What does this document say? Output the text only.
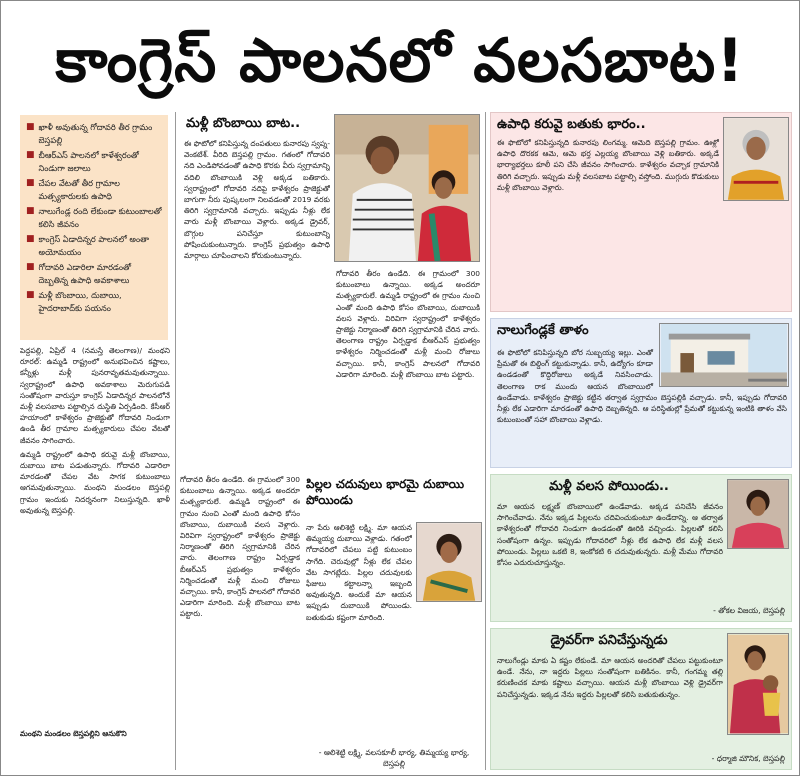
కాంగ్రెస్ పాలనలో వలసబాట!
■ ఖాళీ అవుతున్న గోదావరి తీర గ్రామం బెస్తపల్లి
■ బీఆర్ఎస్ పాలనలో కాళేశ్వరంతో నిండుగా జలాలు
■ చేపల వేటతో తీర గ్రామాల మత్స్యకారులకు ఉపాధి
■ నాలుగేండ్ల రంది లేకుండా కుటుంబాలతో కలిసి జీవనం
■ కాంగ్రెస్ ఏడాదిన్నర పాలనలో అంతా అయోమయం
■ గోదావరి ఎడారిలా మారడంతో దెబ్బతిన్న ఉపాధి అవకాశాలు
■ మళ్లీ బొంబాయి, దుబాయి, హైదరాబాద్‌కు పయనం

పెద్దపల్లి, ఏప్రిల్ 4 (నమస్తే తెలంగాణ)/ మంథని రూరల్: ఉమ్మడి రాష్ట్రంలో అనుభవించిన కష్టాలు, కన్నీళ్లు మళ్లీ పునరావృతమవుతున్నాయి. స్వరాష్ట్రంలో ఉపాధి అవకాశాలు మెరుగుపడి సంతోషంగా వారుస్తూ కాంగ్రెస్ ఏడాదిన్నర పాలనలోనే మళ్లీ వలసబాట పట్టాల్సిన దుస్థితి ఏర్పడింది. కేసీఆర్ హయాంలో కాళేశ్వరం ప్రాజెక్టుతో గోదావరి నిండుగా ఉండి తీర గ్రామాల మత్స్యకారులు చేపల వేటతో జీవనం సాగించారు.

ఉమ్మడి రాష్ట్రంలో ఉపాధి కరువై మళ్లీ బొంబాయి, దుబాయి బాట పడుతున్నారు. గోదావరి ఎడారిలా మారడంతో చేపల వేట సాగక కుటుంబాలు ఆగమవుతున్నాయి. మంథని మండలం బెస్తపల్లి గ్రామం ఇందుకు నిదర్శనంగా నిలుస్తున్నది. ఖాళీ అవుతున్న బెస్తపల్లి.

మంథని మండలం బెస్తపల్లిని ఆనుకొని
మళ్లీ బొంబాయి బాట..
ఈ ఫొటోలో కనిపిస్తున్న దంపతులు కునారపు స్వప్న-వెంకటేశ్. వీరిది బెస్తపల్లి గ్రామం. గతంలో గోదావరి నది ఎండిపోవడంతో ఉపాధి కొరకు వీరు స్వగ్రామాన్ని వదిలి బొంబాయికి వెళ్లి అక్కడ బతికారు. స్వరాష్ట్రంలో గోదావరి నదిపై కాళేశ్వరం ప్రాజెక్టుతో బాగుగా నీరు పుష్కలంగా నిలవడంతో 2019 వరకు తిరిగి స్వగ్రామానికి వచ్చారు. ఇప్పుడు నీళ్లు లేక వారు మళ్లీ బొంబాయి వెళ్లారు. అక్కడ డ్రైవర్, బొగ్గుల పనిచేస్తూ కుటుంబాన్ని పోషించుకుంటున్నారు. కాంగ్రెస్ ప్రభుత్వం ఉపాధి మార్గాలు చూపించాలని కోరుకుంటున్నారు.
గోదావరి తీరం ఉండేది. ఈ గ్రామంలో 300 కుటుంబాలు ఉన్నాయి. అక్కడ అందరూ మత్స్యకారులే. ఉమ్మడి రాష్ట్రంలో ఈ గ్రామం నుంచి ఎంతో మంది ఉపాధి కోసం బొంబాయి, దుబాయికి వలస వెళ్లారు. విరివిగా స్వరాష్ట్రంలో కాళేశ్వరం ప్రాజెక్టు నిర్మాణంతో తిరిగి స్వగ్రామానికి చేరిన వారు. తెలంగాణ రాష్ట్రం ఏర్పడ్డాక బీఆర్ఎస్ ప్రభుత్వం కాళేశ్వరం నిర్మించడంతో మళ్లీ మంచి రోజులు వచ్చాయి. కానీ, కాంగ్రెస్ పాలనలో గోదావరి ఎడారిగా మారింది. మళ్లీ బొంబాయి బాట పట్టారు.
గోదావరి తీరం ఉండేది. ఈ గ్రామంలో 300 కుటుంబాలు ఉన్నాయి. అక్కడ అందరూ మత్స్యకారులే. ఉమ్మడి రాష్ట్రంలో ఈ గ్రామం నుంచి ఎంతో మంది ఉపాధి కోసం బొంబాయి, దుబాయికి వలస వెళ్లారు. విరివిగా స్వరాష్ట్రంలో కాళేశ్వరం ప్రాజెక్టు నిర్మాణంతో తిరిగి స్వగ్రామానికి చేరిన వారు. తెలంగాణ రాష్ట్రం ఏర్పడ్డాక బీఆర్ఎస్ ప్రభుత్వం కాళేశ్వరం నిర్మించడంతో మళ్లీ మంచి రోజులు వచ్చాయి. కానీ, కాంగ్రెస్ పాలనలో గోదావరి ఎడారిగా మారింది. మళ్లీ బొంబాయి బాట పట్టారు.
పిల్లల చదువులు భారమై దుబాయి పోయిండు
నా పేరు ఆలిశెట్టి లక్ష్మి. మా ఆయన తిమ్మయ్య దుబాయి వెళ్లాడు. గతంలో గోదావరిలో చేపలు పట్టి కుటుంబం సాగేది. చెరువుల్లో నీళ్లు లేక చేపల వేట సాగట్లేదు. పిల్లల చదువులకు ఫీజులు కట్టాలన్నా ఇబ్బంది అవుతున్నది. అందుకే మా ఆయన ఇప్పుడు దుబాయికి పోయిండు. బతుకుడు కష్టంగా మారింది.
- ఆలిశెట్టి లక్ష్మి, వలసకూలీ భార్య, తిమ్మయ్య భార్య, బెస్తపల్లి
ఉపాధి కరువై బతుకు భారం..
ఈ ఫొటోలో కనిపిస్తున్నది కునారపు లింగమ్మ. ఆమెది బెస్తపల్లి గ్రామం. ఊళ్లో ఉపాధి దొరకక ఆమె, ఆమె భర్త ఎల్లయ్య బొంబాయి వెళ్లి బతికారు. అక్కడే భార్యాభర్తలు కూలీ పని చేసి జీవనం సాగించారు. కాళేశ్వరం వచ్చాక గ్రామానికి తిరిగి వచ్చారు. ఇప్పుడు మళ్లీ వలసబాట పట్టాల్సి వస్తోంది. ముగ్గురు కొడుకులు మళ్లీ బొంబాయి వెళ్లారు.
నాలుగేండ్లకే తాళం
ఈ ఫొటోలో కనిపిస్తున్నది బోర సుబ్బయ్య ఇల్లు. ఎంతో ప్రేమతో ఈ బిల్డింగ్ కట్టుకున్నాడు. కానీ, ఉద్యోగం కూడా ఉండడంతో కొద్దిరోజులు అక్కడే నివసించాడు. తెలంగాణ రాక ముందు ఆయన బొంబాయిలో ఉండేవాడు. కాళేశ్వరం ప్రాజెక్టు కట్టిన తర్వాత స్వగ్రామం బెస్తపల్లికి వచ్చాడు. కానీ, ఇప్పుడు గోదావరి నీళ్లు లేక ఎడారిగా మారడంతో ఉపాధి దెబ్బతిన్నది. ఆ పరిస్థితుల్లో ప్రేమతో కట్టుకున్న ఇంటికి తాళం వేసి కుటుంబంతో సహా బొంబాయి వెళ్లాడు.
మళ్లీ వలస పోయిండు..
మా ఆయన లక్ష్మణ్ బొంబాయిలో ఉండేవాడు. అక్కడ పనిచేసి జీవనం సాగించేవాడు. నేను ఇక్కడ పిల్లలను చదివించుకుంటూ ఉండేదాన్ని. ఆ తర్వాత కాళేశ్వరంతో గోదావరి నిండుగా ఉండడంతో ఊరికి వచ్చిండు. పిల్లలతో కలిసి సంతోషంగా ఉన్నం. ఇప్పుడు గోదావరిలో నీళ్లు లేక ఉపాధి లేక మళ్లీ వలస పోయిండు. పిల్లలు ఒకటి 8, ఇంకోకటి 6 చదువుతున్నరు. మళ్లీ మేము గోదావరి కోసం ఎదురుచూస్తున్నం.
- తోకల విజయ, బెస్తపల్లి
డ్రైవర్‌గా పనిచేస్తున్నడు
నాలుగేండ్లు మాకు ఏ కష్టం లేకుండే. మా ఆయన అందరితో చేపలు పట్టుకుంటూ ఉండే. నేను, నా ఇద్దరు పిల్లలు సంతోషంగా బతికినం. కానీ, గంగమ్మ తల్లి కరుణించక మాకు కష్టాలు వచ్చాయి. ఆయన మళ్లీ బొంబాయి వెళ్లి డ్రైవర్‌గా పనిచేస్తున్నడు. ఇక్కడ నేను ఇద్దరు పిల్లలతో కలిసి బతుకుతున్నం.
- ధర్మాజి మౌనిక, బెస్తపల్లి
